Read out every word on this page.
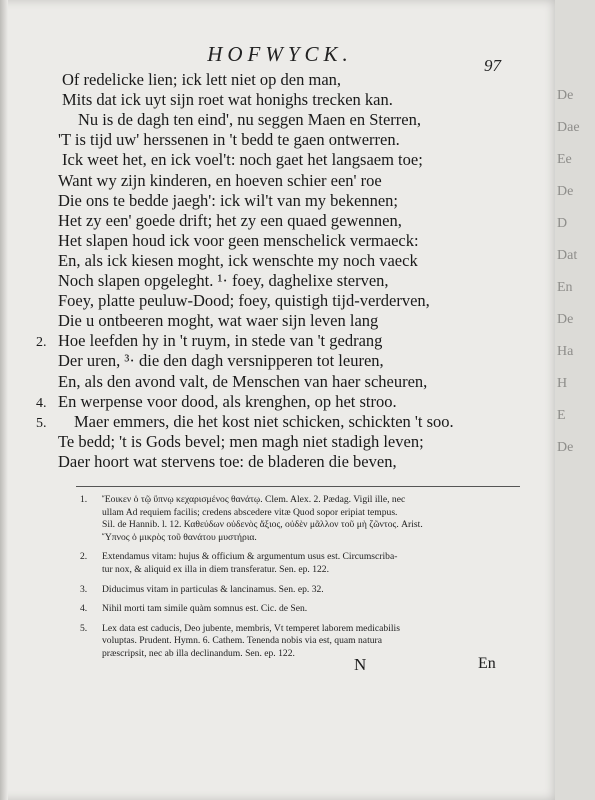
HOFWYCK.	97
Of redelicke lien; ick lett niet op den man,
Mits dat ick uyt sijn roet wat honighs trecken kan.
Nu is de dagh ten eind', nu seggen Maen en Sterren,
'T is tijd uw' herssenen in 't bedd te gaen ontwerren.
Ick weet het, en ick voel't: noch gaet het langsaem toe;
Want wy zijn kinderen, en hoeven schier een' roe
Die ons te bedde jaegh': ick wil't van my bekennen;
Het zy een' goede drift; het zy een quaed gewennen,
Het slapen houd ick voor geen menschelick vermaeck:
En, als ick kiesen moght, ick wenschte my noch vaeck
Noch slapen opgeleght. ¹· foey, daghelixe sterven,
Foey, platte peuluw-Dood; foey, quistigh tijd-verderven,
Die u ontbeeren moght, wat waer sijn leven lang
2. Hoe leefden hy in 't ruym, in stede van 't gedrang
Der uren, ³· die den dagh versnipperen tot leuren,
En, als den avond valt, de Menschen van haer scheuren,
4. En werpense voor dood, als krenghen, op het stroo.
5. Maer emmers, die het kost niet schicken, schickten 't soo.
Te bedd; 't is Gods bevel; men magh niet stadigh leven;
Daer hoort wat stervens toe: de bladeren die beven,
1. Ἔοικεν ὁ τῷ ὕπνῳ κεχαρισμένος θανάτῳ. Clem. Alex. 2. Pædag. Vigil ille, nec
ullam Ad requiem facilis; credens abscedere vitæ Quod sopor eripiat tempus.
Sil. de Hannib. l. 12. Καθεύδων οὐδενὸς ἄξιος, οὐδὲν μᾶλλον τοῦ μὴ ζῶντος. Arist.
Ὕπνος ὁ μικρὸς τοῦ θανάτου μυστήρια.
2. Extendamus vitam: hujus & officium & argumentum usus est. Circumscriba-
tur nox, & aliquid ex illa in diem transferatur. Sen. ep. 122.
3. Diducimus vitam in particulas & lancinamus. Sen. ep. 32.
4. Nihil morti tam simile quàm somnus est. Cic. de Sen.
5. Lex data est caducis, Deo jubente, membris, Vt temperet laborem medicabilis
voluptas. Prudent. Hymn. 6. Cathem. Tenenda nobis via est, quam natura
præscripsit, nec ab illa declinandum. Sen. ep. 122.
N	En
De
Dae
Ee
De
D
Dat
En
De
Ha
H
E
De
